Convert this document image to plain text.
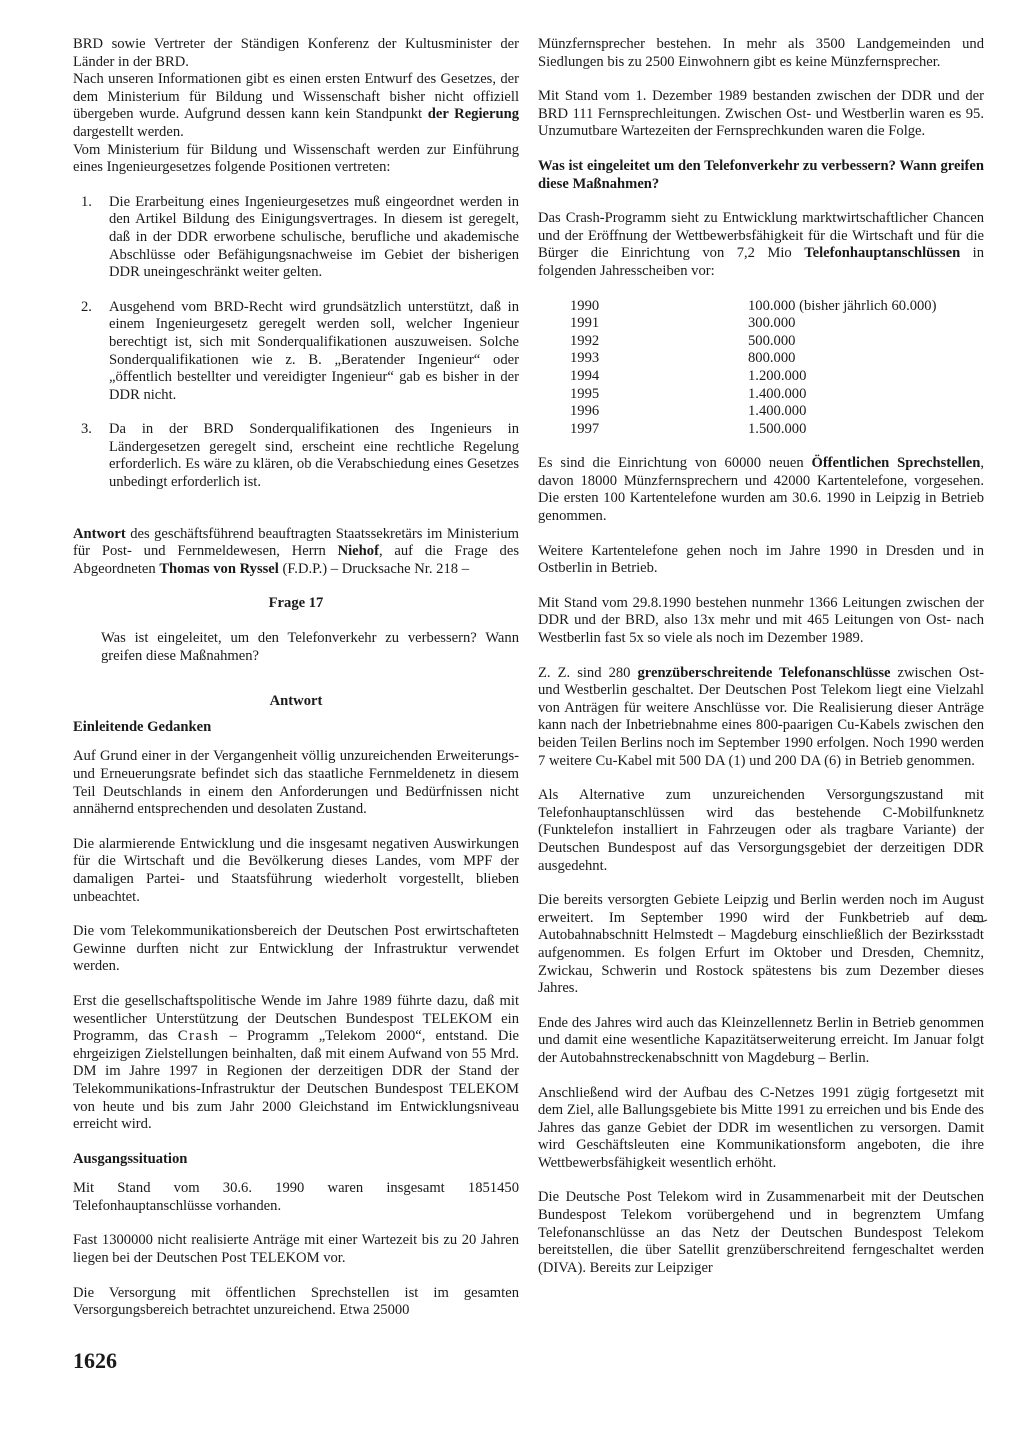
BRD sowie Vertreter der Ständigen Konferenz der Kultusminister der Länder in der BRD.

Nach unseren Informationen gibt es einen ersten Entwurf des Gesetzes, der dem Ministerium für Bildung und Wissenschaft bisher nicht offiziell übergeben wurde. Aufgrund dessen kann kein Standpunkt der Regierung dargestellt werden.

Vom Ministerium für Bildung und Wissenschaft werden zur Einführung eines Ingenieurgesetzes folgende Positionen vertreten:

1.	Die Erarbeitung eines Ingenieurgesetzes muß eingeordnet werden in den Artikel Bildung des Einigungsvertrages. In diesem ist geregelt, daß in der DDR erworbene schulische, berufliche und akademische Abschlüsse oder Befähigungsnachweise im Gebiet der bisherigen DDR uneingeschränkt weiter gelten.
2.	Ausgehend vom BRD-Recht wird grundsätzlich unterstützt, daß in einem Ingenieurgesetz geregelt werden soll, welcher Ingenieur berechtigt ist, sich mit Sonderqualifikationen auszuweisen. Solche Sonderqualifikationen wie z. B. „Beratender Ingenieur“ oder „öffentlich bestellter und vereidigter Ingenieur“ gab es bisher in der DDR nicht.
3.	Da in der BRD Sonderqualifikationen des Ingenieurs in Ländergesetzen geregelt sind, erscheint eine rechtliche Regelung erforderlich. Es wäre zu klären, ob die Verabschiedung eines Gesetzes unbedingt erforderlich ist.

Antwort des geschäftsführend beauftragten Staatssekretärs im Ministerium für Post- und Fernmeldewesen, Herrn Niehof, auf die Frage des Abgeordneten Thomas von Ryssel (F.D.P.) – Drucksache Nr. 218 –

Frage 17

Was ist eingeleitet, um den Telefonverkehr zu verbessern? Wann greifen diese Maßnahmen?

Antwort
Einleitende Gedanken

Auf Grund einer in der Vergangenheit völlig unzureichenden Erweiterungs- und Erneuerungsrate befindet sich das staatliche Fernmeldenetz in diesem Teil Deutschlands in einem den Anforderungen und Bedürfnissen nicht annähernd entsprechenden und desolaten Zustand.

Die alarmierende Entwicklung und die insgesamt negativen Auswirkungen für die Wirtschaft und die Bevölkerung dieses Landes, vom MPF der damaligen Partei- und Staatsführung wiederholt vorgestellt, blieben unbeachtet.

Die vom Telekommunikationsbereich der Deutschen Post erwirtschafteten Gewinne durften nicht zur Entwicklung der Infrastruktur verwendet werden.

Erst die gesellschaftspolitische Wende im Jahre 1989 führte dazu, daß mit wesentlicher Unterstützung der Deutschen Bundespost TELEKOM ein Programm, das Crash – Programm „Telekom 2000“, entstand. Die ehrgeizigen Zielstellungen beinhalten, daß mit einem Aufwand von 55 Mrd. DM im Jahre 1997 in Regionen der derzeitigen DDR der Stand der Telekommunikations-Infrastruktur der Deutschen Bundespost TELEKOM von heute und bis zum Jahr 2000 Gleichstand im Entwicklungsniveau erreicht wird.

Ausgangssituation

Mit Stand vom 30.6. 1990 waren insgesamt 1851450 Telefonhauptanschlüsse vorhanden.

Fast 1300000 nicht realisierte Anträge mit einer Wartezeit bis zu 20 Jahren liegen bei der Deutschen Post TELEKOM vor.

Die Versorgung mit öffentlichen Sprechstellen ist im gesamten Versorgungsbereich betrachtet unzureichend. Etwa 25000

Münzfernsprecher bestehen. In mehr als 3500 Landgemeinden und Siedlungen bis zu 2500 Einwohnern gibt es keine Münzfernsprecher.

Mit Stand vom 1. Dezember 1989 bestanden zwischen der DDR und der BRD 111 Fernsprechleitungen. Zwischen Ost- und Westberlin waren es 95. Unzumutbare Wartezeiten der Fernsprechkunden waren die Folge.

Was ist eingeleitet um den Telefonverkehr zu verbessern? Wann greifen diese Maßnahmen?

Das Crash-Programm sieht zu Entwicklung marktwirtschaftlicher Chancen und der Eröffnung der Wettbewerbsfähigkeit für die Wirtschaft und für die Bürger die Einrichtung von 7,2 Mio Telefonhauptanschlüssen in folgenden Jahresscheiben vor:

1990	100.000 (bisher jährlich 60.000)
1991	300.000
1992	500.000
1993	800.000
1994	1.200.000
1995	1.400.000
1996	1.400.000
1997	1.500.000

Es sind die Einrichtung von 60000 neuen Öffentlichen Sprechstellen, davon 18000 Münzfernsprechern und 42000 Kartentelefone, vorgesehen. Die ersten 100 Kartentelefone wurden am 30.6. 1990 in Leipzig in Betrieb genommen.

Weitere Kartentelefone gehen noch im Jahre 1990 in Dresden und in Ostberlin in Betrieb.

Mit Stand vom 29.8.1990 bestehen nunmehr 1366 Leitungen zwischen der DDR und der BRD, also 13x mehr und mit 465 Leitungen von Ost- nach Westberlin fast 5x so viele als noch im Dezember 1989.

Z. Z. sind 280 grenzüberschreitende Telefonanschlüsse zwischen Ost- und Westberlin geschaltet. Der Deutschen Post Telekom liegt eine Vielzahl von Anträgen für weitere Anschlüsse vor. Die Realisierung dieser Anträge kann nach der Inbetriebnahme eines 800-paarigen Cu-Kabels zwischen den beiden Teilen Berlins noch im September 1990 erfolgen. Noch 1990 werden 7 weitere Cu-Kabel mit 500 DA (1) und 200 DA (6) in Betrieb genommen.

Als Alternative zum unzureichenden Versorgungszustand mit Telefonhauptanschlüssen wird das bestehende C-Mobilfunknetz (Funktelefon installiert in Fahrzeugen oder als tragbare Variante) der Deutschen Bundespost auf das Versorgungsgebiet der derzeitigen DDR ausgedehnt.

Die bereits versorgten Gebiete Leipzig und Berlin werden noch im August erweitert. Im September 1990 wird der Funkbetrieb auf dem Autobahnabschnitt Helmstedt – Magdeburg einschließlich der Bezirksstadt aufgenommen. Es folgen Erfurt im Oktober und Dresden, Chemnitz, Zwickau, Schwerin und Rostock spätestens bis zum Dezember dieses Jahres.

Ende des Jahres wird auch das Kleinzellennetz Berlin in Betrieb genommen und damit eine wesentliche Kapazitätserweiterung erreicht. Im Januar folgt der Autobahnstreckenabschnitt von Magdeburg – Berlin.

Anschließend wird der Aufbau des C-Netzes 1991 zügig fortgesetzt mit dem Ziel, alle Ballungsgebiete bis Mitte 1991 zu erreichen und bis Ende des Jahres das ganze Gebiet der DDR im wesentlichen zu versorgen. Damit wird Geschäftsleuten eine Kommunikationsform angeboten, die ihre Wettbewerbsfähigkeit wesentlich erhöht.

Die Deutsche Post Telekom wird in Zusammenarbeit mit der Deutschen Bundespost Telekom vorübergehend und in begrenztem Umfang Telefonanschlüsse an das Netz der Deutschen Bundespost Telekom bereitstellen, die über Satellit grenzüberschreitend ferngeschaltet werden (DIVA). Bereits zur Leipziger

1626
